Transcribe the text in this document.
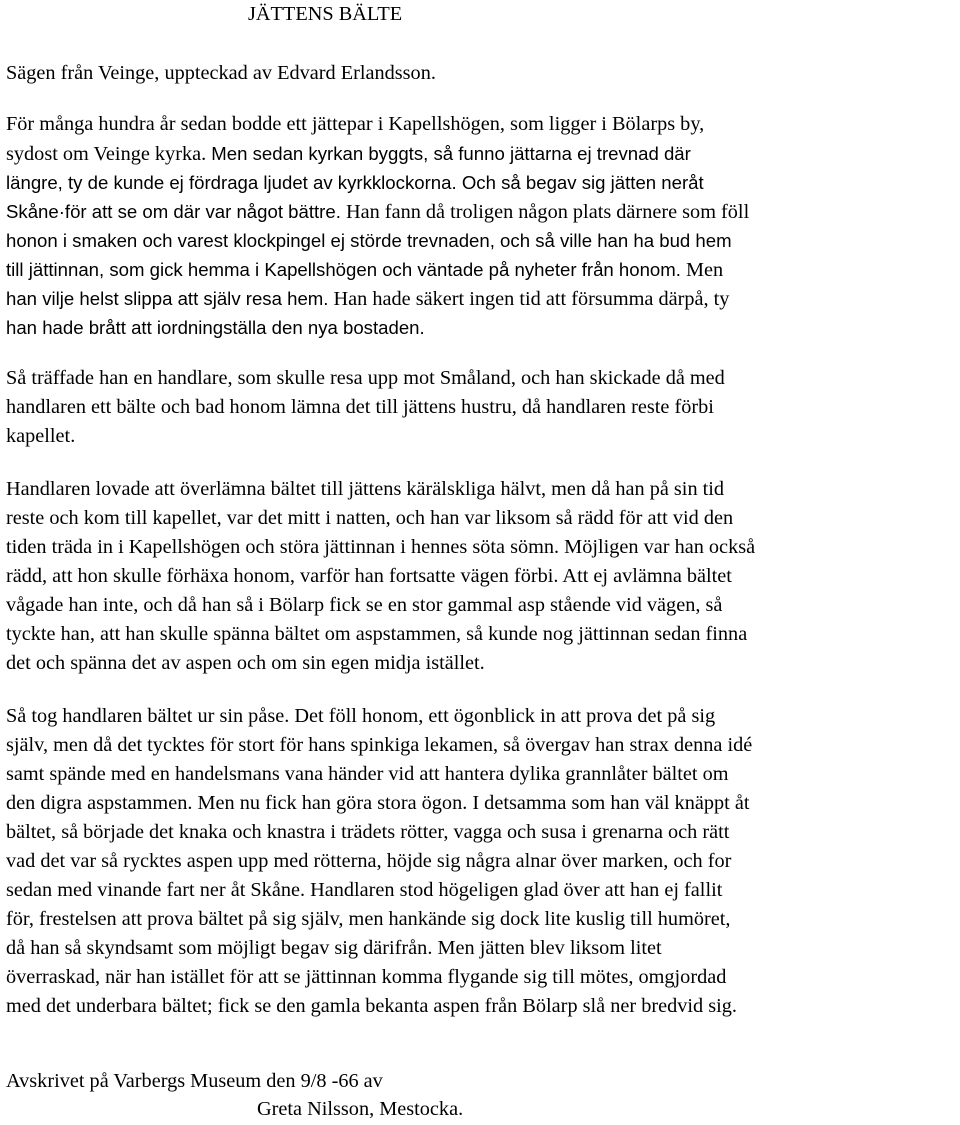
JÄTTENS BÄLTE
Sägen från Veinge, uppteckad av Edvard Erlandsson.
För många hundra år sedan bodde ett jättepar i Kapellshögen, som ligger i Bölarps by,
sydost om Veinge kyrka. Men sedan kyrkan byggts, så funno jättarna ej trevnad där
längre, ty de kunde ej fördraga ljudet av kyrkklockorna. Och så begav sig jätten neråt
Skåne·för att se om där var något bättre. Han fann då troligen någon plats därnere som föll
honon i smaken och varest klockpingel ej störde trevnaden, och så ville han ha bud hem
till jättinnan, som gick hemma i Kapellshögen och väntade på nyheter från honom. Men
han vilje helst slippa att själv resa hem. Han hade säkert ingen tid att försumma därpå, ty
han hade brått att iordningställa den nya bostaden.
Så träffade han en handlare, som skulle resa upp mot Småland, och han skickade då med
handlaren ett bälte och bad honom lämna det till jättens hustru, då handlaren reste förbi
kapellet.
Handlaren lovade att överlämna bältet till jättens kärälskliga hälvt, men då han på sin tid
reste och kom till kapellet, var det mitt i natten, och han var liksom så rädd för att vid den
tiden träda in i Kapellshögen och störa jättinnan i hennes söta sömn. Möjligen var han också
rädd, att hon skulle förhäxa honom, varför han fortsatte vägen förbi. Att ej avlämna bältet
vågade han inte, och då han så i Bölarp fick se en stor gammal asp stående vid vägen, så
tyckte han, att han skulle spänna bältet om aspstammen, så kunde nog jättinnan sedan finna
det och spänna det av aspen och om sin egen midja istället.
Så tog handlaren bältet ur sin påse. Det föll honom, ett ögonblick in att prova det på sig
själv, men då det tycktes för stort för hans spinkiga lekamen, så övergav han strax denna idé
samt spände med en handelsmans vana händer vid att hantera dylika grannlåter bältet om
den digra aspstammen. Men nu fick han göra stora ögon. I detsamma som han väl knäppt åt
bältet, så började det knaka och knastra i trädets rötter, vagga och susa i grenarna och rätt
vad det var så rycktes aspen upp med rötterna, höjde sig några alnar över marken, och for
sedan med vinande fart ner åt Skåne. Handlaren stod högeligen glad över att han ej fallit
för, frestelsen att prova bältet på sig själv, men hankände sig dock lite kuslig till humöret,
då han så skyndsamt som möjligt begav sig därifrån. Men jätten blev liksom litet
överraskad, när han istället för att se jättinnan komma flygande sig till mötes, omgjordad
med det underbara bältet; fick se den gamla bekanta aspen från Bölarp slå ner bredvid sig.
Avskrivet på Varbergs Museum den 9/8 -66 av
Greta Nilsson, Mestocka.
